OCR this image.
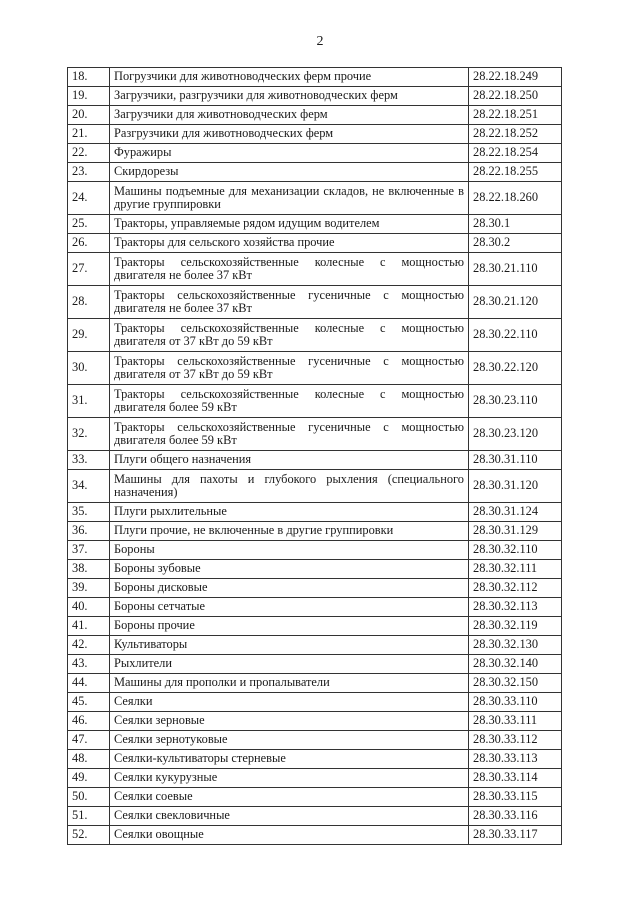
2
18.	Погрузчики для животноводческих ферм прочие	28.22.18.249
19.	Загрузчики, разгрузчики для животноводческих ферм	28.22.18.250
20.	Загрузчики для животноводческих ферм	28.22.18.251
21.	Разгрузчики для животноводческих ферм	28.22.18.252
22.	Фуражиры	28.22.18.254
23.	Скирдорезы	28.22.18.255
24.	Машины подъемные для механизации складов, не включенные в другие группировки	28.22.18.260
25.	Тракторы, управляемые рядом идущим водителем	28.30.1
26.	Тракторы для сельского хозяйства прочие	28.30.2
27.	Тракторы сельскохозяйственные колесные с мощностью двигателя не более 37 кВт	28.30.21.110
28.	Тракторы сельскохозяйственные гусеничные с мощностью двигателя не более 37 кВт	28.30.21.120
29.	Тракторы сельскохозяйственные колесные с мощностью двигателя от 37 кВт до 59 кВт	28.30.22.110
30.	Тракторы сельскохозяйственные гусеничные с мощностью двигателя от 37 кВт до 59 кВт	28.30.22.120
31.	Тракторы сельскохозяйственные колесные с мощностью двигателя более 59 кВт	28.30.23.110
32.	Тракторы сельскохозяйственные гусеничные с мощностью двигателя более 59 кВт	28.30.23.120
33.	Плуги общего назначения	28.30.31.110
34.	Машины для пахоты и глубокого рыхления (специального назначения)	28.30.31.120
35.	Плуги рыхлительные	28.30.31.124
36.	Плуги прочие, не включенные в другие группировки	28.30.31.129
37.	Бороны	28.30.32.110
38.	Бороны зубовые	28.30.32.111
39.	Бороны дисковые	28.30.32.112
40.	Бороны сетчатые	28.30.32.113
41.	Бороны прочие	28.30.32.119
42.	Культиваторы	28.30.32.130
43.	Рыхлители	28.30.32.140
44.	Машины для прополки и пропалыватели	28.30.32.150
45.	Сеялки	28.30.33.110
46.	Сеялки зерновые	28.30.33.111
47.	Сеялки зернотуковые	28.30.33.112
48.	Сеялки-культиваторы стерневые	28.30.33.113
49.	Сеялки кукурузные	28.30.33.114
50.	Сеялки соевые	28.30.33.115
51.	Сеялки свекловичные	28.30.33.116
52.	Сеялки овощные	28.30.33.117
